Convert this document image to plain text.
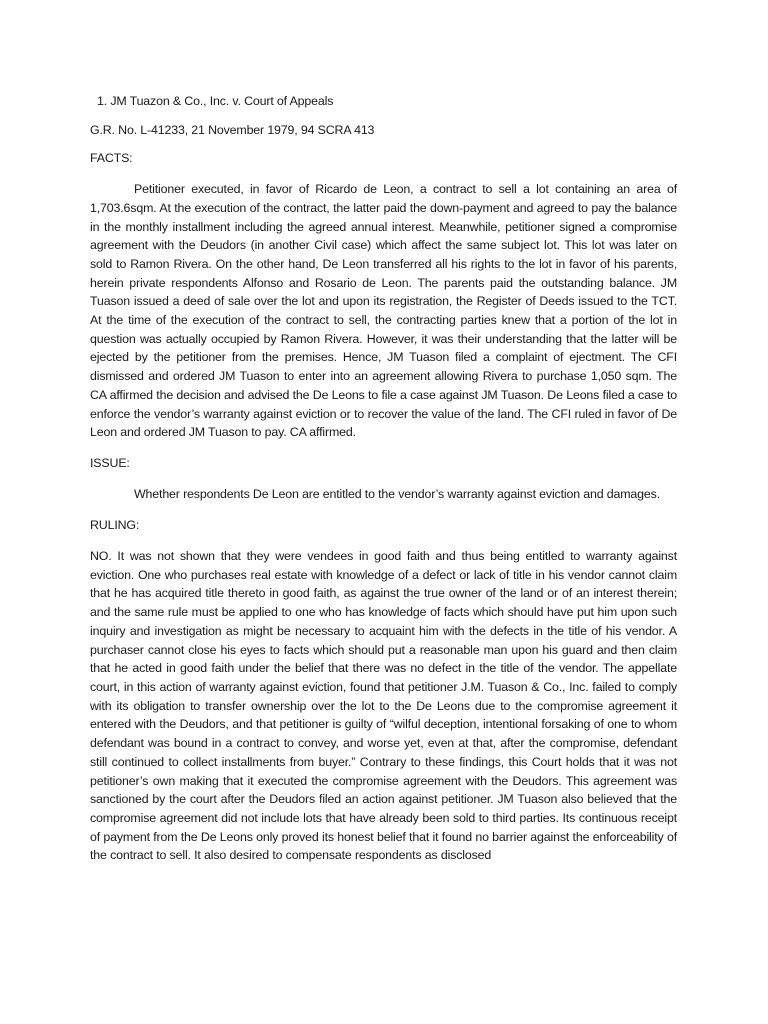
1. JM Tuazon & Co., Inc. v. Court of Appeals

G.R. No. L-41233, 21 November 1979, 94 SCRA 413

FACTS:

Petitioner executed, in favor of Ricardo de Leon, a contract to sell a lot containing an area of 1,703.6sqm. At the execution of the contract, the latter paid the down-payment and agreed to pay the balance in the monthly installment including the agreed annual interest. Meanwhile, petitioner signed a compromise agreement with the Deudors (in another Civil case) which affect the same subject lot. This lot was later on sold to Ramon Rivera. On the other hand, De Leon transferred all his rights to the lot in favor of his parents, herein private respondents Alfonso and Rosario de Leon. The parents paid the outstanding balance. JM Tuason issued a deed of sale over the lot and upon its registration, the Register of Deeds issued to the TCT. At the time of the execution of the contract to sell, the contracting parties knew that a portion of the lot in question was actually occupied by Ramon Rivera. However, it was their understanding that the latter will be ejected by the petitioner from the premises. Hence, JM Tuason filed a complaint of ejectment. The CFI dismissed and ordered JM Tuason to enter into an agreement allowing Rivera to purchase 1,050 sqm. The CA affirmed the decision and advised the De Leons to file a case against JM Tuason. De Leons filed a case to enforce the vendor’s warranty against eviction or to recover the value of the land. The CFI ruled in favor of De Leon and ordered JM Tuason to pay. CA affirmed.

ISSUE:

Whether respondents De Leon are entitled to the vendor’s warranty against eviction and damages.

RULING:

NO. It was not shown that they were vendees in good faith and thus being entitled to warranty against eviction. One who purchases real estate with knowledge of a defect or lack of title in his vendor cannot claim that he has acquired title thereto in good faith, as against the true owner of the land or of an interest therein; and the same rule must be applied to one who has knowledge of facts which should have put him upon such inquiry and investigation as might be necessary to acquaint him with the defects in the title of his vendor. A purchaser cannot close his eyes to facts which should put a reasonable man upon his guard and then claim that he acted in good faith under the belief that there was no defect in the title of the vendor. The appellate court, in this action of warranty against eviction, found that petitioner J.M. Tuason & Co., Inc. failed to comply with its obligation to transfer ownership over the lot to the De Leons due to the compromise agreement it entered with the Deudors, and that petitioner is guilty of “wilful deception, intentional forsaking of one to whom defendant was bound in a contract to convey, and worse yet, even at that, after the compromise, defendant still continued to collect installments from buyer.” Contrary to these findings, this Court holds that it was not petitioner’s own making that it executed the compromise agreement with the Deudors. This agreement was sanctioned by the court after the Deudors filed an action against petitioner. JM Tuason also believed that the compromise agreement did not include lots that have already been sold to third parties. Its continuous receipt of payment from the De Leons only proved its honest belief that it found no barrier against the enforceability of the contract to sell. It also desired to compensate respondents as disclosed
